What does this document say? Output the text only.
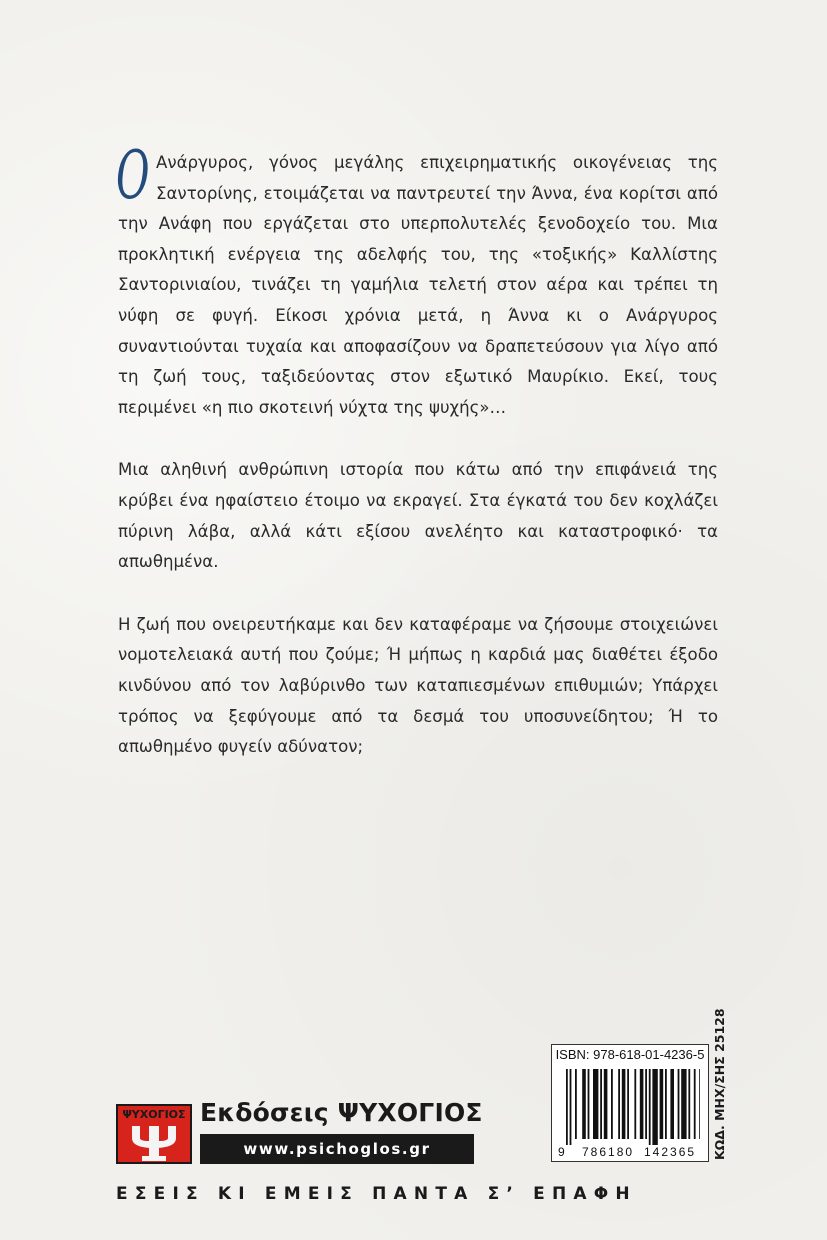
Ο Ανάργυρος, γόνος μεγάλης επιχειρηματικής οικογένειας της Σαντορίνης, ετοιμάζεται να παντρευτεί την Άννα, ένα κορίτσι από την Ανάφη που εργάζεται στο υπερπολυτελές ξενοδοχείο του. Μια προκλητική ενέργεια της αδελφής του, της «τοξικής» Καλλίστης Σαντορινιαίου, τινάζει τη γαμήλια τελετή στον αέρα και τρέπει τη νύφη σε φυγή. Είκοσι χρόνια μετά, η Άννα κι ο Ανάργυρος συναντιούνται τυχαία και αποφασίζουν να δραπετεύσουν για λίγο από τη ζωή τους, ταξιδεύοντας στον εξωτικό Μαυρίκιο. Εκεί, τους περιμένει «η πιο σκοτεινή νύχτα της ψυχής»…

Μια αληθινή ανθρώπινη ιστορία που κάτω από την επιφάνειά της κρύβει ένα ηφαίστειο έτοιμο να εκραγεί. Στα έγκατά του δεν κοχλάζει πύρινη λάβα, αλλά κάτι εξίσου ανελέητο και καταστροφικό· τα απωθημένα.

Η ζωή που ονειρευτήκαμε και δεν καταφέραμε να ζήσουμε στοιχειώνει νομοτελειακά αυτή που ζούμε; Ή μήπως η καρδιά μας διαθέτει έξοδο κινδύνου από τον λαβύρινθο των καταπιεσμένων επιθυμιών; Υπάρχει τρόπος να ξεφύγουμε από τα δεσμά του υποσυνείδητου; Ή το απωθημένο φυγείν αδύνατον;

ΨΥΧΟΓΙΟΣ Εκδόσεις ΨΥΧΟΓΙΟΣ
www.psichoglos.gr
ISBN: 978-618-01-4236-5
9 786180 142365 ΚΩΔ. ΜΗΧ/ΣΗΣ 25128
ΕΣΕΙΣ ΚΙ ΕΜΕΙΣ ΠΑΝΤΑ Σ’ ΕΠΑΦΗ
